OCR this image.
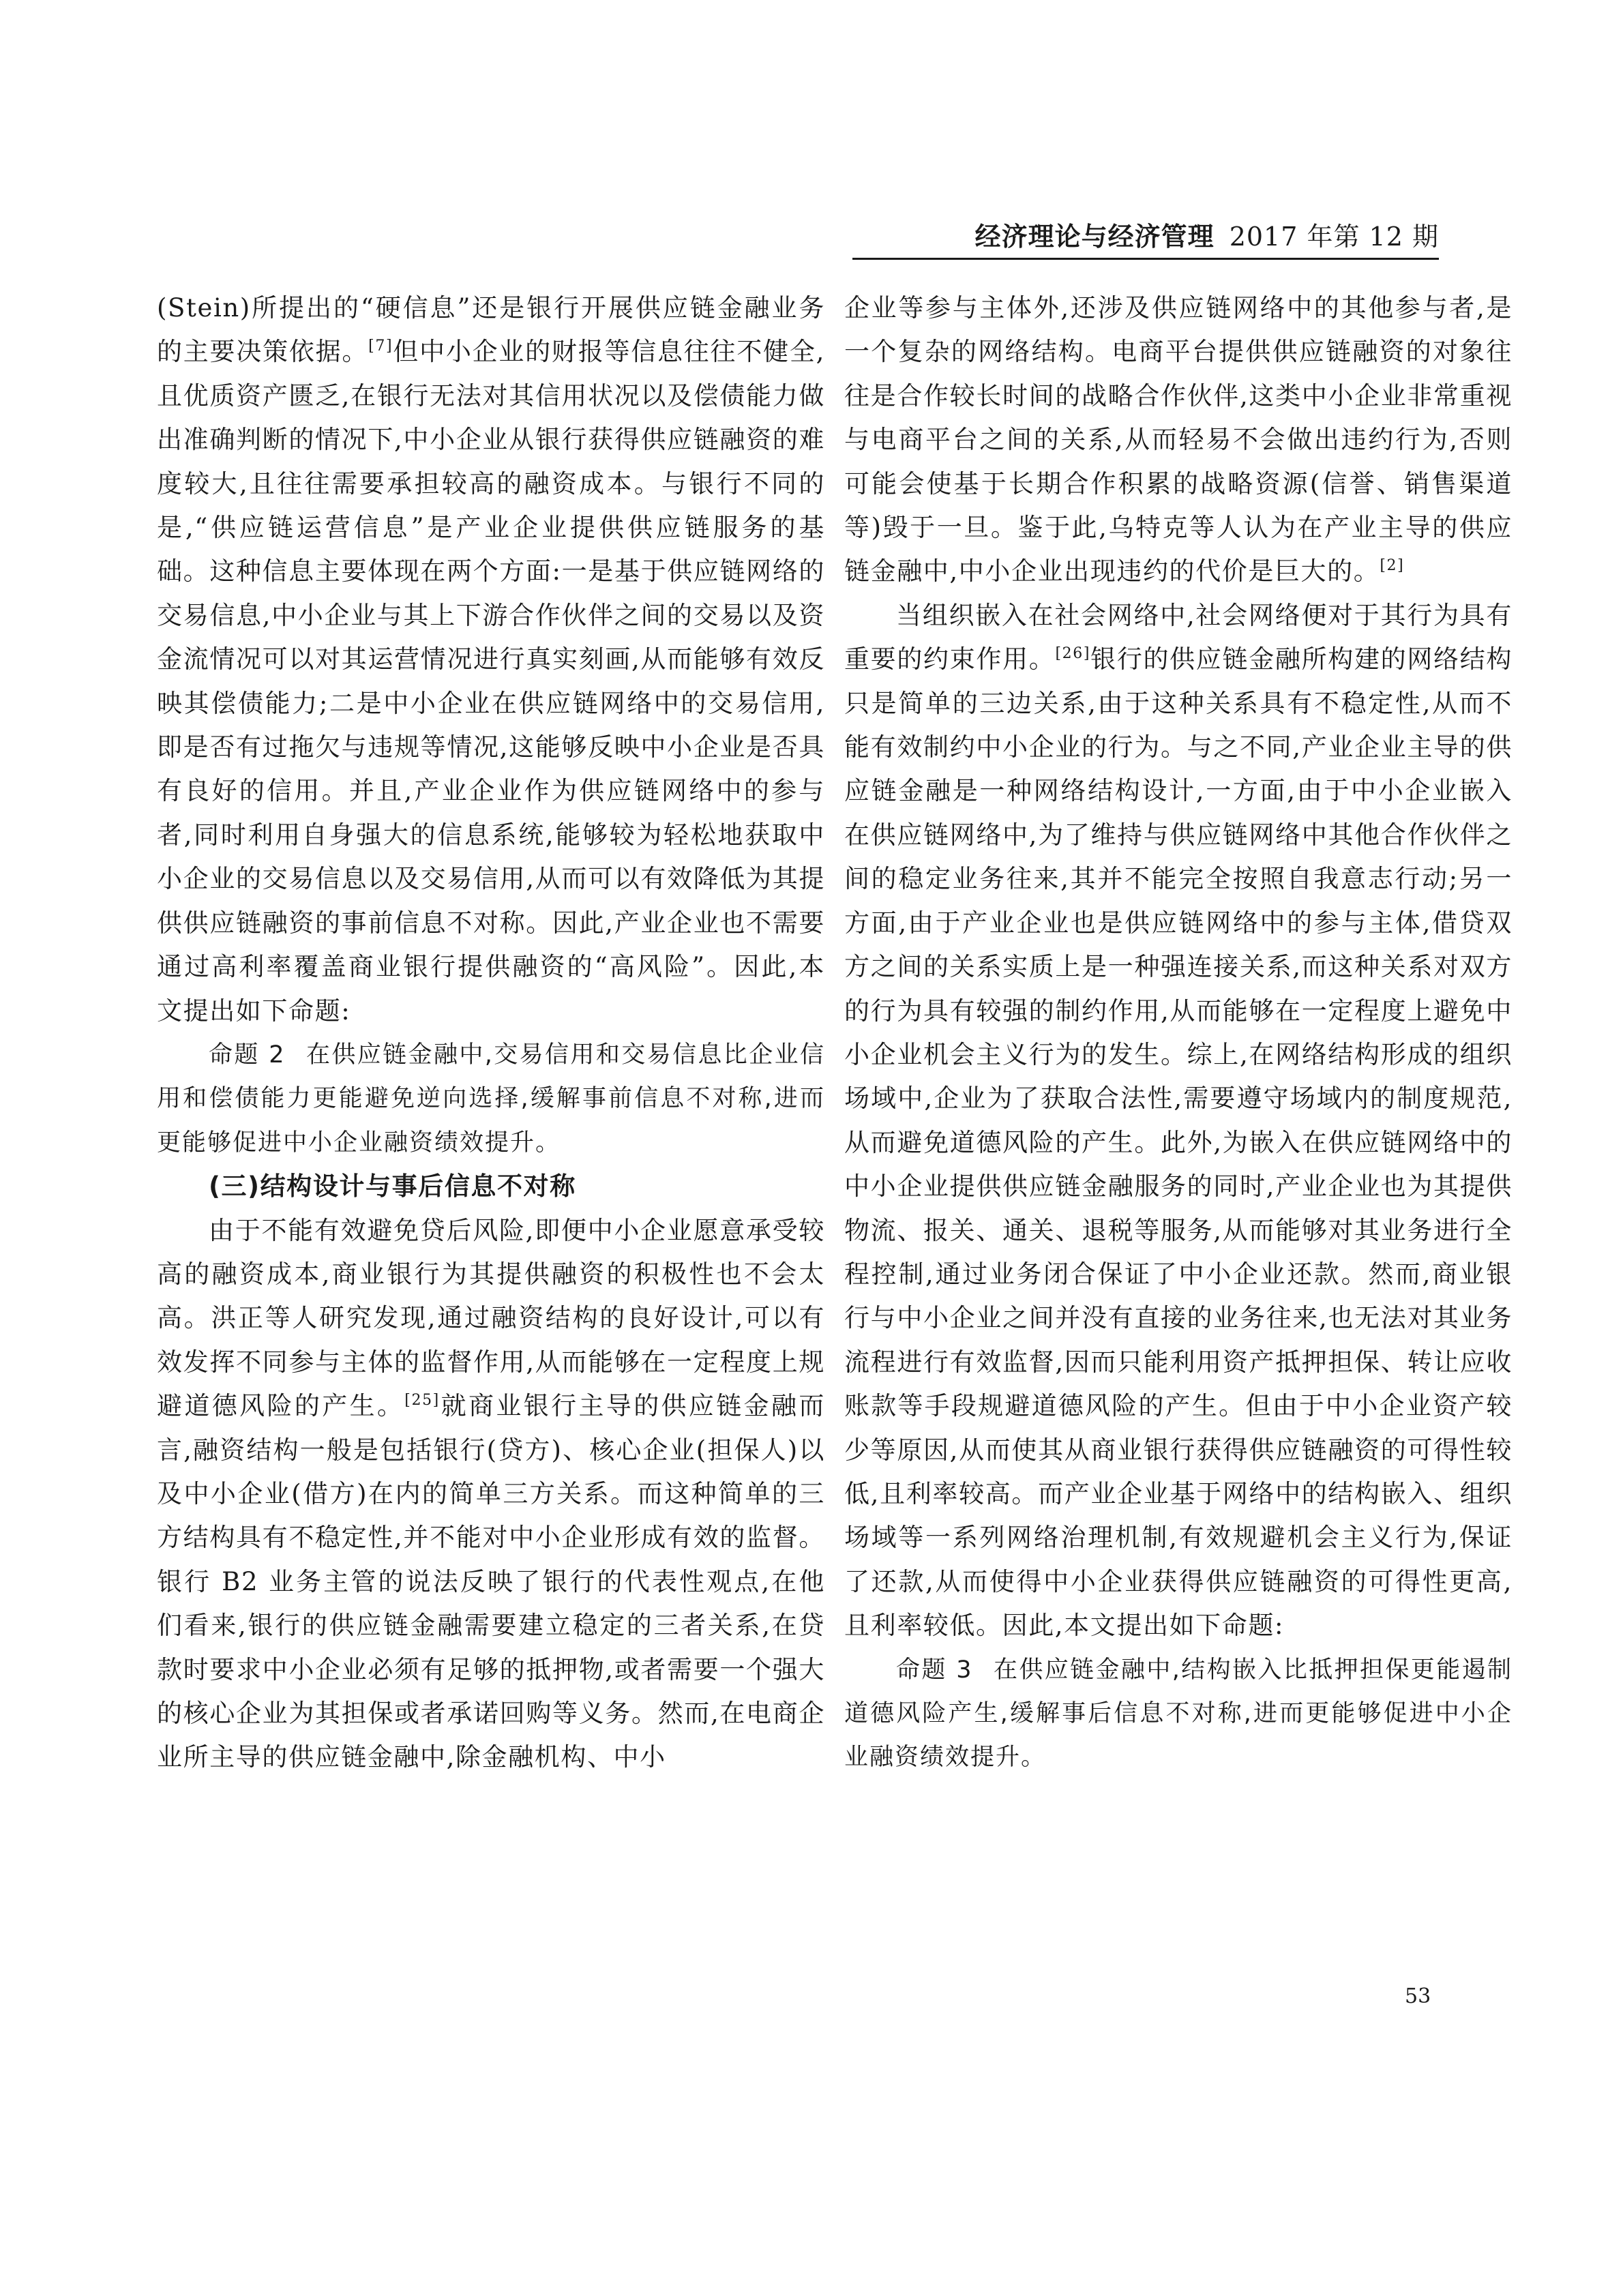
经济理论与经济管理 2017 年第 12 期

(Stein)所提出的“硬信息”还是银行开展供应链金融业务的主要决策依据。[7]但中小企业的财报等信息往往不健全,且优质资产匮乏,在银行无法对其信用状况以及偿债能力做出准确判断的情况下,中小企业从银行获得供应链融资的难度较大,且往往需要承担较高的融资成本。与银行不同的是,“供应链运营信息”是产业企业提供供应链服务的基础。这种信息主要体现在两个方面:一是基于供应链网络的交易信息,中小企业与其上下游合作伙伴之间的交易以及资金流情况可以对其运营情况进行真实刻画,从而能够有效反映其偿债能力;二是中小企业在供应链网络中的交易信用,即是否有过拖欠与违规等情况,这能够反映中小企业是否具有良好的信用。并且,产业企业作为供应链网络中的参与者,同时利用自身强大的信息系统,能够较为轻松地获取中小企业的交易信息以及交易信用,从而可以有效降低为其提供供应链融资的事前信息不对称。因此,产业企业也不需要通过高利率覆盖商业银行提供融资的“高风险”。因此,本文提出如下命题:

命题 2 在供应链金融中,交易信用和交易信息比企业信用和偿债能力更能避免逆向选择,缓解事前信息不对称,进而更能够促进中小企业融资绩效提升。

(三)结构设计与事后信息不对称

由于不能有效避免贷后风险,即便中小企业愿意承受较高的融资成本,商业银行为其提供融资的积极性也不会太高。洪正等人研究发现,通过融资结构的良好设计,可以有效发挥不同参与主体的监督作用,从而能够在一定程度上规避道德风险的产生。[25]就商业银行主导的供应链金融而言,融资结构一般是包括银行(贷方)、核心企业(担保人)以及中小企业(借方)在内的简单三方关系。而这种简单的三方结构具有不稳定性,并不能对中小企业形成有效的监督。银行 B2 业务主管的说法反映了银行的代表性观点,在他们看来,银行的供应链金融需要建立稳定的三者关系,在贷款时要求中小企业必须有足够的抵押物,或者需要一个强大的核心企业为其担保或者承诺回购等义务。然而,在电商企业所主导的供应链金融中,除金融机构、中小

企业等参与主体外,还涉及供应链网络中的其他参与者,是一个复杂的网络结构。电商平台提供供应链融资的对象往往是合作较长时间的战略合作伙伴,这类中小企业非常重视与电商平台之间的关系,从而轻易不会做出违约行为,否则可能会使基于长期合作积累的战略资源(信誉、销售渠道等)毁于一旦。鉴于此,乌特克等人认为在产业主导的供应链金融中,中小企业出现违约的代价是巨大的。[2]

当组织嵌入在社会网络中,社会网络便对于其行为具有重要的约束作用。[26]银行的供应链金融所构建的网络结构只是简单的三边关系,由于这种关系具有不稳定性,从而不能有效制约中小企业的行为。与之不同,产业企业主导的供应链金融是一种网络结构设计,一方面,由于中小企业嵌入在供应链网络中,为了维持与供应链网络中其他合作伙伴之间的稳定业务往来,其并不能完全按照自我意志行动;另一方面,由于产业企业也是供应链网络中的参与主体,借贷双方之间的关系实质上是一种强连接关系,而这种关系对双方的行为具有较强的制约作用,从而能够在一定程度上避免中小企业机会主义行为的发生。综上,在网络结构形成的组织场域中,企业为了获取合法性,需要遵守场域内的制度规范,从而避免道德风险的产生。此外,为嵌入在供应链网络中的中小企业提供供应链金融服务的同时,产业企业也为其提供物流、报关、通关、退税等服务,从而能够对其业务进行全程控制,通过业务闭合保证了中小企业还款。然而,商业银行与中小企业之间并没有直接的业务往来,也无法对其业务流程进行有效监督,因而只能利用资产抵押担保、转让应收账款等手段规避道德风险的产生。但由于中小企业资产较少等原因,从而使其从商业银行获得供应链融资的可得性较低,且利率较高。而产业企业基于网络中的结构嵌入、组织场域等一系列网络治理机制,有效规避机会主义行为,保证了还款,从而使得中小企业获得供应链融资的可得性更高,且利率较低。因此,本文提出如下命题:

命题 3 在供应链金融中,结构嵌入比抵押担保更能遏制道德风险产生,缓解事后信息不对称,进而更能够促进中小企业融资绩效提升。

53
